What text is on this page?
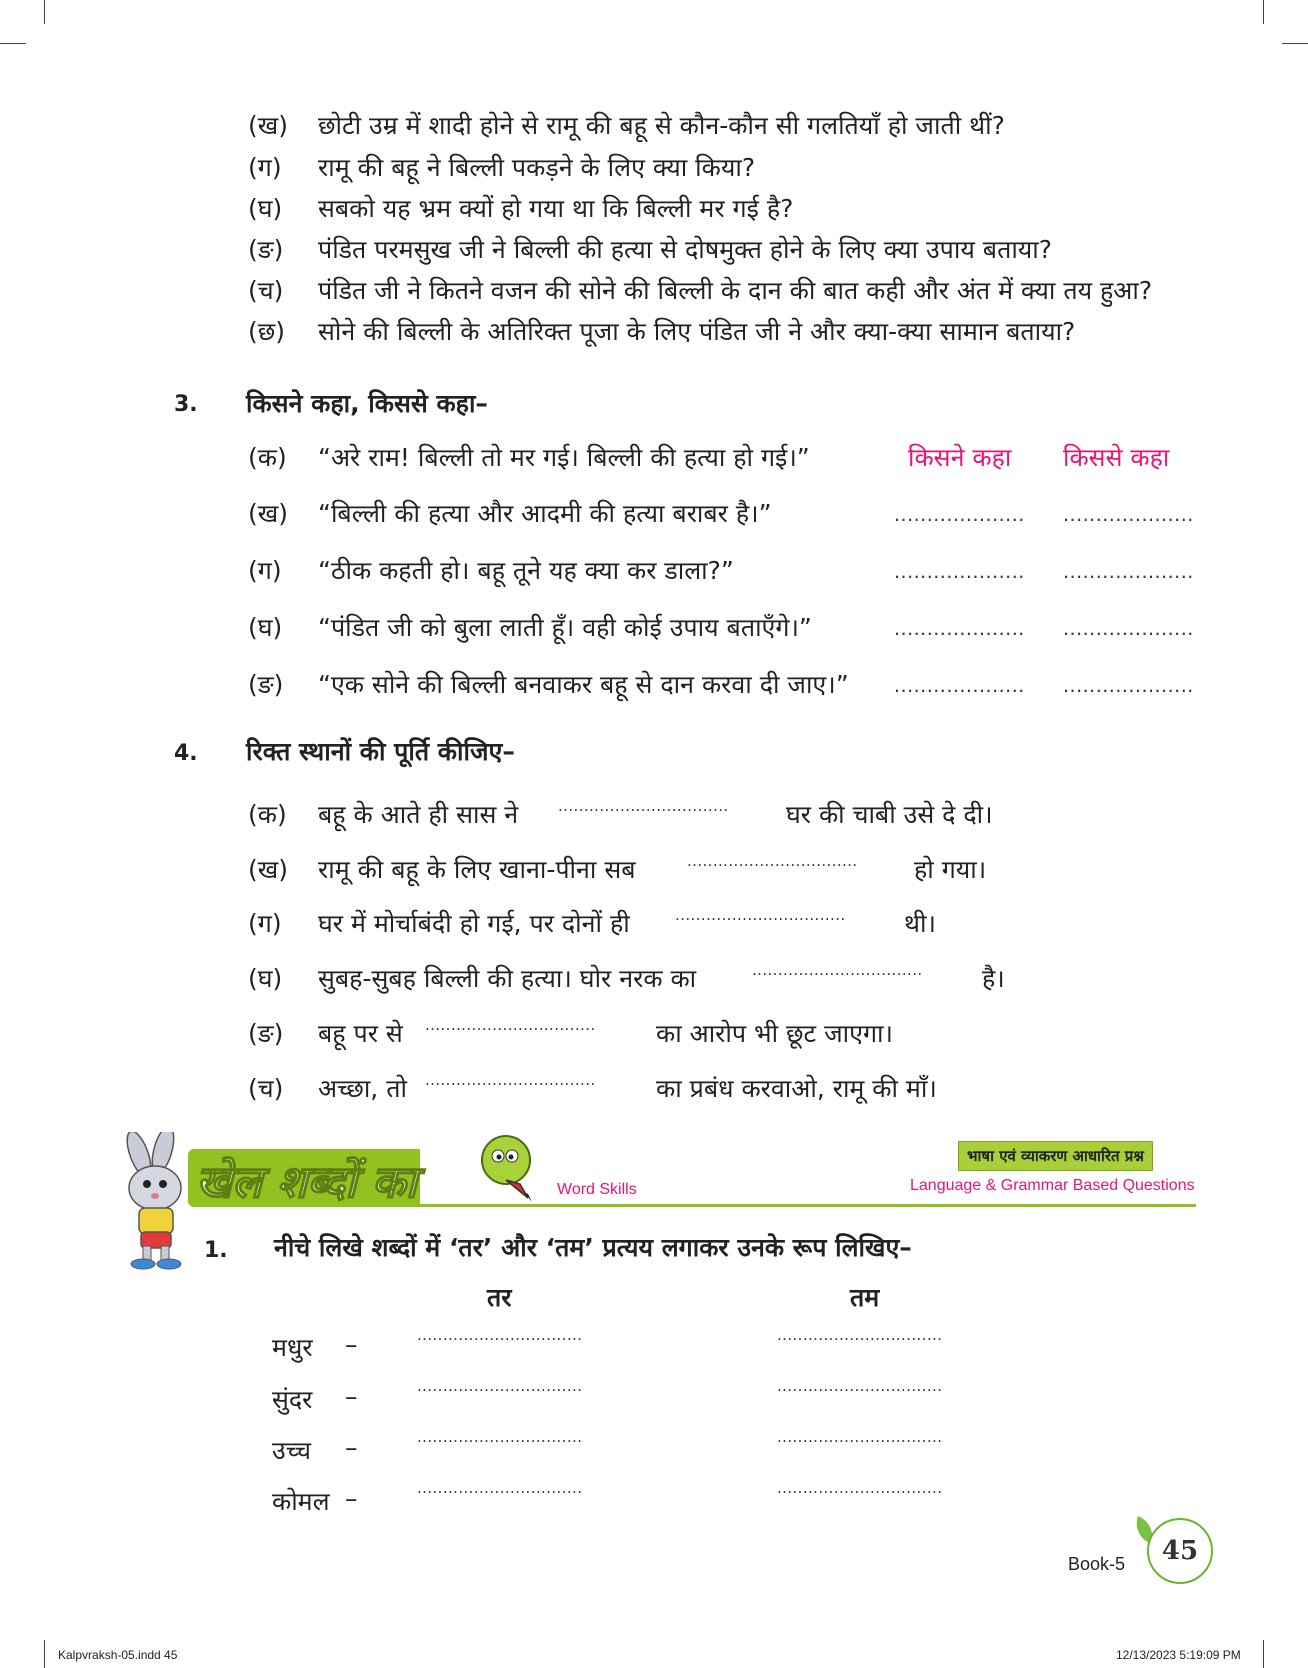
(ख) छोटी उम्र में शादी होने से रामू की बहू से कौन-कौन सी गलतियाँ हो जाती थीं?
(ग) रामू की बहू ने बिल्ली पकड़ने के लिए क्या किया?
(घ) सबको यह भ्रम क्यों हो गया था कि बिल्ली मर गई है?
(ङ) पंडित परमसुख जी ने बिल्ली की हत्या से दोषमुक्त होने के लिए क्या उपाय बताया?
(च) पंडित जी ने कितने वजन की सोने की बिल्ली के दान की बात कही और अंत में क्या तय हुआ?
(छ) सोने की बिल्ली के अतिरिक्त पूजा के लिए पंडित जी ने और क्या-क्या सामान बताया?
3. किसने कहा, किससे कहा–
किसने कहा किससे कहा
(क) “अरे राम! बिल्ली तो मर गई। बिल्ली की हत्या हो गई।”
(ख) “बिल्ली की हत्या और आदमी की हत्या बराबर है।”	.................... ....................
(ग) “ठीक कहती हो। बहू तूने यह क्या कर डाला?”	.................... ....................
(घ) “पंडित जी को बुला लाती हूँ। वही कोई उपाय बताएँगे।”	.................... ....................
(ङ) “एक सोने की बिल्ली बनवाकर बहू से दान करवा दी जाए।” .................... ....................
4. रिक्त स्थानों की पूर्ति कीजिए–
(क) बहू के आते ही सास ने	................................. घर की चाबी उसे दे दी।
(ख) रामू की बहू के लिए खाना-पीना सब	................................. हो गया।
(ग) घर में मोर्चाबंदी हो गई, पर दोनों ही	................................. थी।
(घ) सुबह-सुबह बिल्ली की हत्या। घोर नरक का	................................. है।
(ङ) बहू पर से ................................. का आरोप भी छूट जाएगा।
(च) अच्छा, तो ................................. का प्रबंध करवाओ, रामू की माँ।
खेल शब्दों का	Word Skills
भाषा एवं व्याकरण आधारित प्रश्न
Language & Grammar Based Questions
1. नीचे लिखे शब्दों में ‘तर’ और ‘तम’ प्रत्यय लगाकर उनके रूप लिखिए–
तर	तम
मधुर –	................................	................................
सुंदर –	................................	................................
उच्च –	................................	................................
कोमल –	................................	................................
Book-5	45
Kalpvraksh-05.indd 45	12/13/2023 5:19:09 PM
